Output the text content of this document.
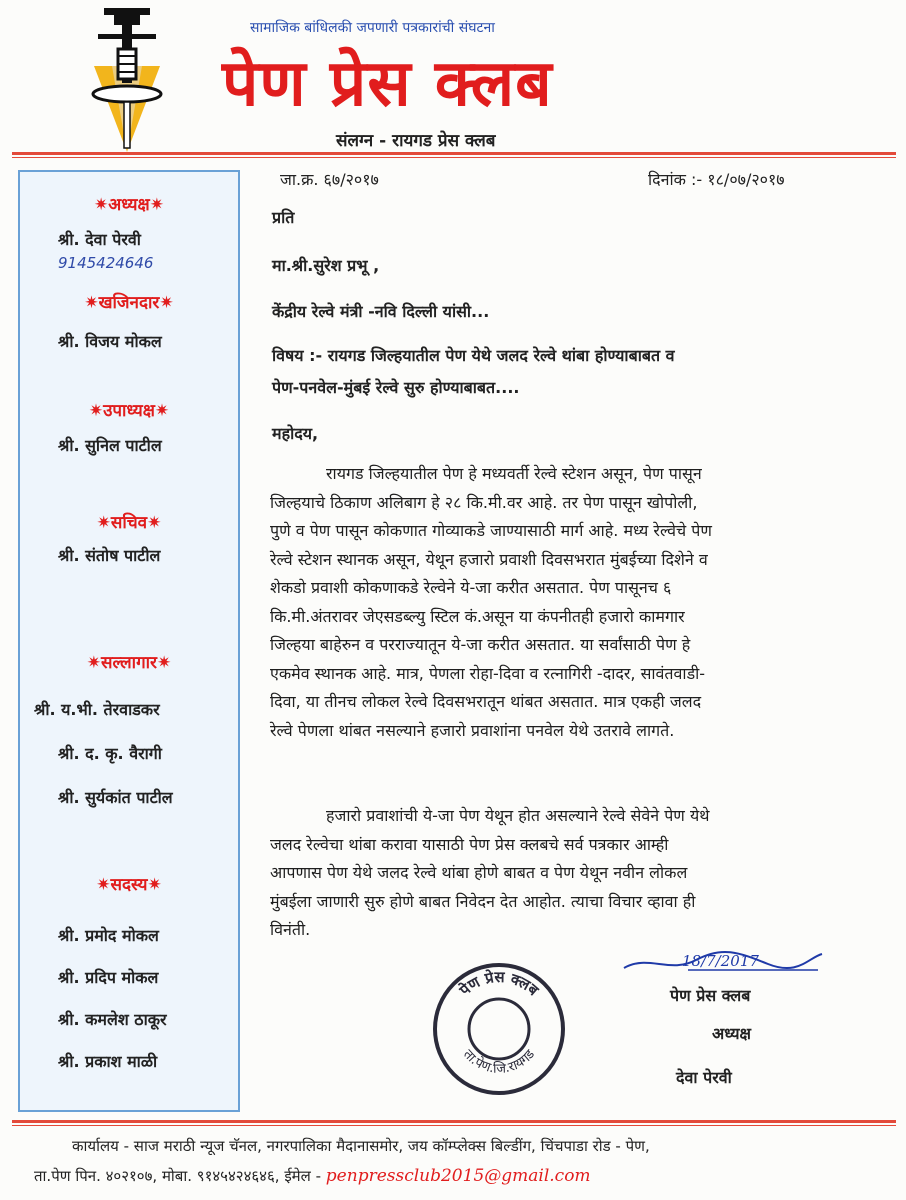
सामाजिक बांधिलकी जपणारी पत्रकारांची संघटना
पेण प्रेस क्लब
संलग्न - रायगड प्रेस क्लब
✷अध्यक्ष✷
श्री. देवा पेरवी
9145424646
✷खजिनदार✷
श्री. विजय मोकल
✷उपाध्यक्ष✷
श्री. सुनिल पाटील
✷सचिव✷
श्री. संतोष पाटील
✷सल्लागार✷
श्री. य.भी. तेरवाडकर
श्री. द. कृ. वैरागी
श्री. सुर्यकांत पाटील
✷सदस्य✷
श्री. प्रमोद मोकल
श्री. प्रदिप मोकल
श्री. कमलेश ठाकूर
श्री. प्रकाश माळी
जा.क्र. ६७/२०१७	दिनांक :- १८/०७/२०१७
प्रति
मा.श्री.सुरेश प्रभू ,
केंद्रीय रेल्वे मंत्री -नवि दिल्ली यांसी...
विषय :- रायगड जिल्हयातील पेण येथे जलद रेल्वे थांबा होण्याबाबत व
पेण-पनवेल-मुंबई रेल्वे सुरु होण्याबाबत....
महोदय,
रायगड जिल्हयातील पेण हे मध्यवर्ती रेल्वे स्टेशन असून, पेण पासून
जिल्हयाचे ठिकाण अलिबाग हे २८ कि.मी.वर आहे. तर पेण पासून खोपोली,
पुणे व पेण पासून कोकणात गोव्याकडे जाण्यासाठी मार्ग आहे. मध्य रेल्वेचे पेण
रेल्वे स्टेशन स्थानक असून, येथून हजारो प्रवाशी दिवसभरात मुंबईच्या दिशेने व
शेकडो प्रवाशी कोकणाकडे रेल्वेने ये-जा करीत असतात. पेण पासूनच ६
कि.मी.अंतरावर जेएसडब्ल्यु स्टिल कं.असून या कंपनीतही हजारो कामगार
जिल्हया बाहेरुन व परराज्यातून ये-जा करीत असतात. या सर्वांसाठी पेण हे
एकमेव स्थानक आहे. मात्र, पेणला रोहा-दिवा व रत्नागिरी -दादर, सावंतवाडी-
दिवा, या तीनच लोकल रेल्वे दिवसभरातून थांबत असतात. मात्र एकही जलद
रेल्वे पेणला थांबत नसल्याने हजारो प्रवाशांना पनवेल येथे उतरावे लागते.
हजारो प्रवाशांची ये-जा पेण येथून होत असल्याने रेल्वे सेवेने पेण येथे
जलद रेल्वेचा थांबा करावा यासाठी पेण प्रेस क्लबचे सर्व पत्रकार आम्ही
आपणास पेण येथे जलद रेल्वे थांबा होणे बाबत व पेण येथून नवीन लोकल
मुंबईला जाणारी सुरु होणे बाबत निवेदन देत आहोत. त्याचा विचार व्हावा ही
विनंती.
18/7/2017
पेण प्रेस क्लब
अध्यक्ष
देवा पेरवी
पेण प्रेस क्लब
ता.पेण.जि.रायगड
कार्यालय - साज मराठी न्यूज चॅनल, नगरपालिका मैदानासमोर, जय कॉम्प्लेक्स बिल्डींग, चिंचपाडा रोड - पेण,
ता.पेण पिन. ४०२१०७, मोबा. ९१४५४२४६४६, ईमेल - penpressclub2015@gmail.com
